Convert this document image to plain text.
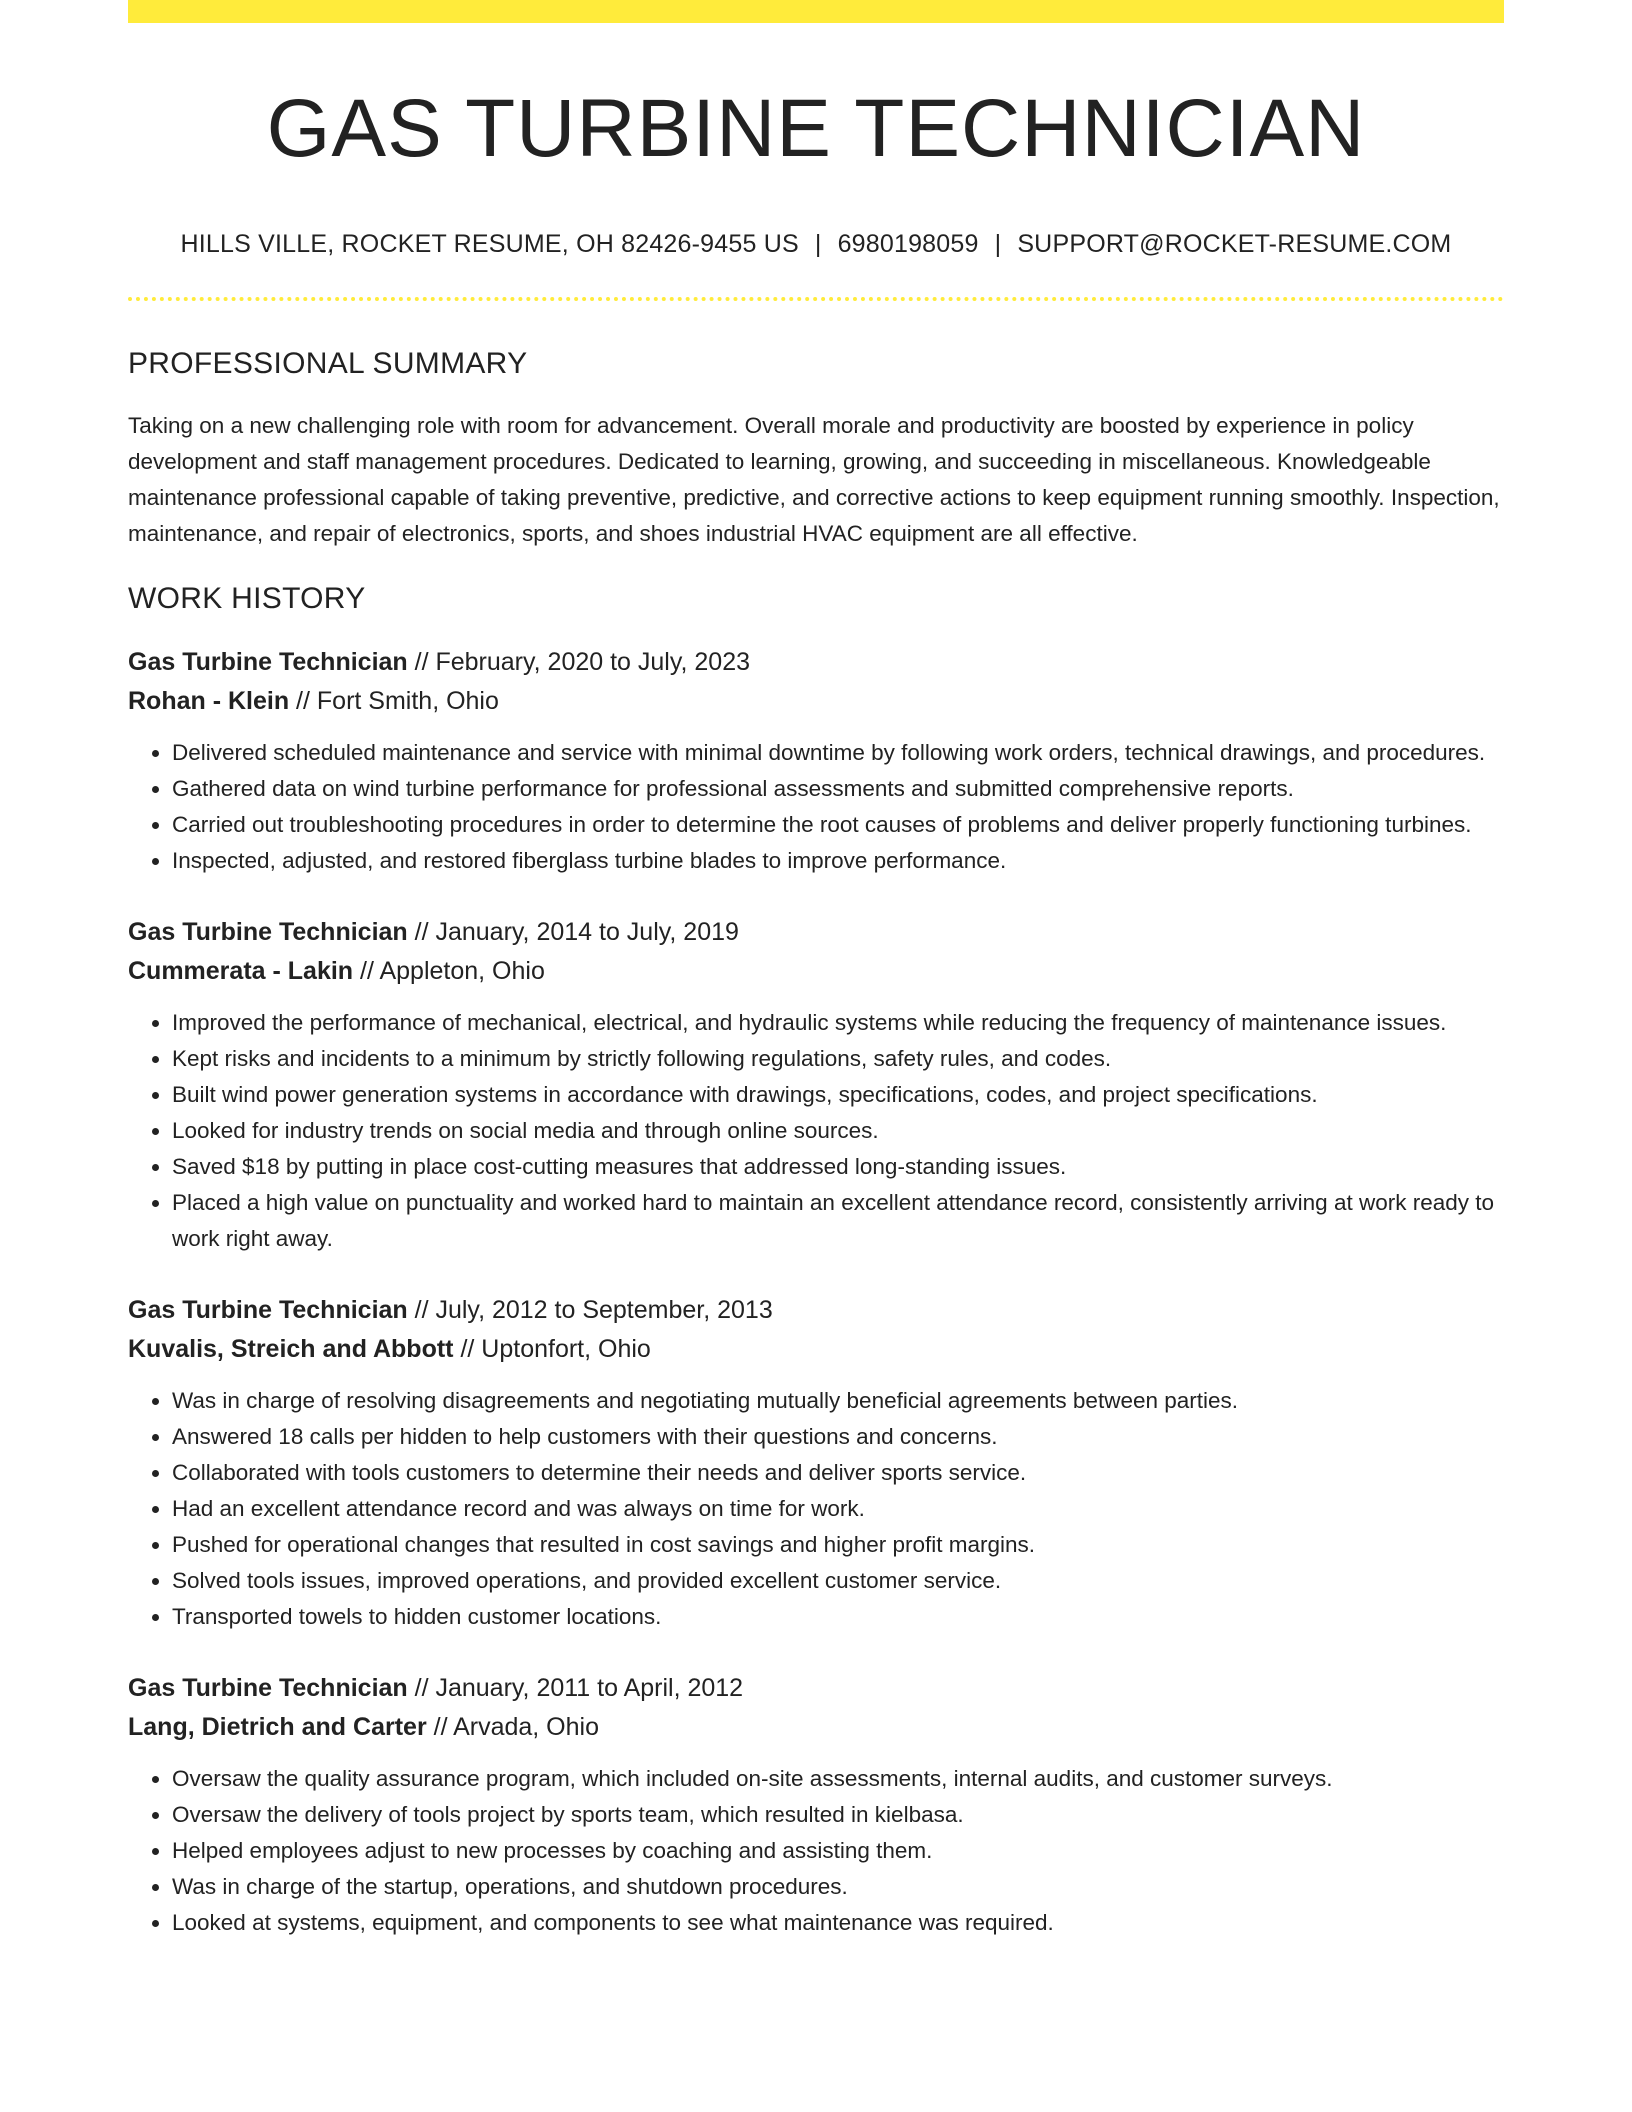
GAS TURBINE TECHNICIAN
HILLS VILLE, ROCKET RESUME, OH 82426-9455 US | 6980198059 | SUPPORT@ROCKET-RESUME.COM
PROFESSIONAL SUMMARY

Taking on a new challenging role with room for advancement. Overall morale and productivity are boosted by experience in policy development and staff management procedures. Dedicated to learning, growing, and succeeding in miscellaneous. Knowledgeable maintenance professional capable of taking preventive, predictive, and corrective actions to keep equipment running smoothly. Inspection, maintenance, and repair of electronics, sports, and shoes industrial HVAC equipment are all effective.

WORK HISTORY
Gas Turbine Technician // February, 2020 to July, 2023
Rohan - Klein // Fort Smith, Ohio
• Delivered scheduled maintenance and service with minimal downtime by following work orders, technical drawings, and procedures.
• Gathered data on wind turbine performance for professional assessments and submitted comprehensive reports.
• Carried out troubleshooting procedures in order to determine the root causes of problems and deliver properly functioning turbines.
• Inspected, adjusted, and restored fiberglass turbine blades to improve performance.
Gas Turbine Technician // January, 2014 to July, 2019
Cummerata - Lakin // Appleton, Ohio
• Improved the performance of mechanical, electrical, and hydraulic systems while reducing the frequency of maintenance issues.
• Kept risks and incidents to a minimum by strictly following regulations, safety rules, and codes.
• Built wind power generation systems in accordance with drawings, specifications, codes, and project specifications.
• Looked for industry trends on social media and through online sources.
• Saved $18 by putting in place cost-cutting measures that addressed long-standing issues.
• Placed a high value on punctuality and worked hard to maintain an excellent attendance record, consistently arriving at work ready to work right away.
Gas Turbine Technician // July, 2012 to September, 2013
Kuvalis, Streich and Abbott // Uptonfort, Ohio
• Was in charge of resolving disagreements and negotiating mutually beneficial agreements between parties.
• Answered 18 calls per hidden to help customers with their questions and concerns.
• Collaborated with tools customers to determine their needs and deliver sports service.
• Had an excellent attendance record and was always on time for work.
• Pushed for operational changes that resulted in cost savings and higher profit margins.
• Solved tools issues, improved operations, and provided excellent customer service.
• Transported towels to hidden customer locations.
Gas Turbine Technician // January, 2011 to April, 2012
Lang, Dietrich and Carter // Arvada, Ohio
• Oversaw the quality assurance program, which included on-site assessments, internal audits, and customer surveys.
• Oversaw the delivery of tools project by sports team, which resulted in kielbasa.
• Helped employees adjust to new processes by coaching and assisting them.
• Was in charge of the startup, operations, and shutdown procedures.
• Looked at systems, equipment, and components to see what maintenance was required.
